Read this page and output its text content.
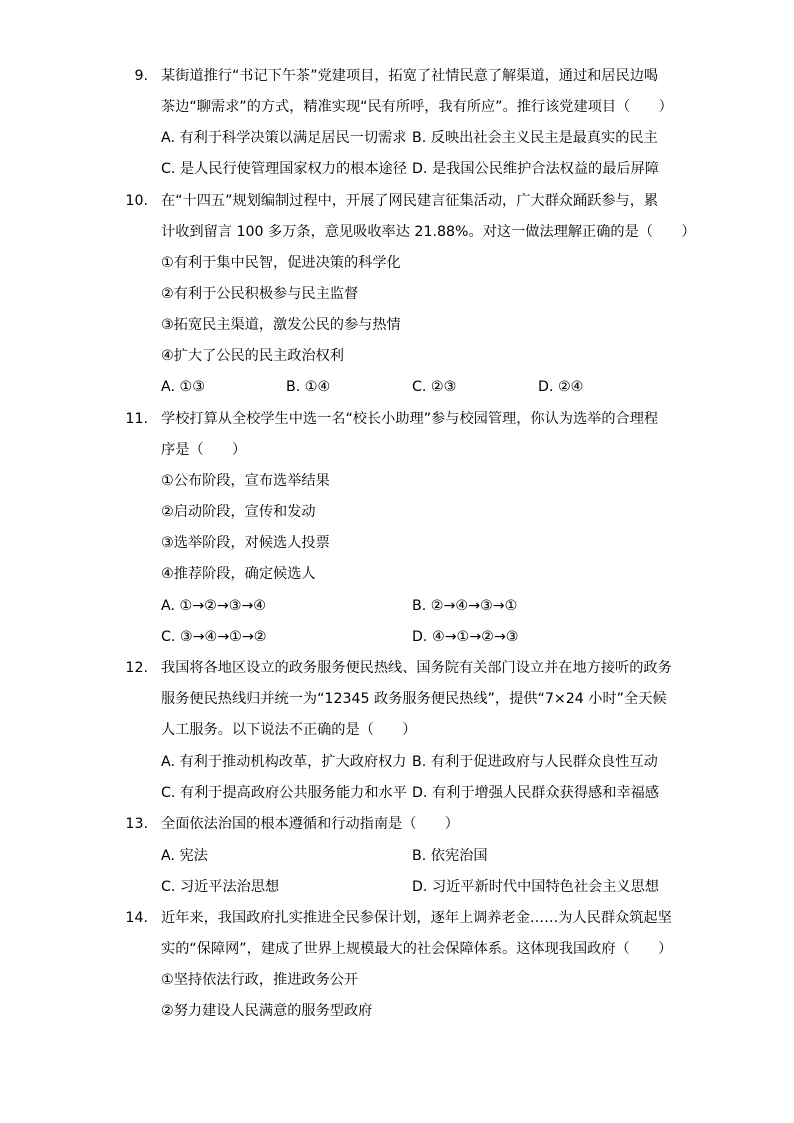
9. 某街道推行“书记下午茶”党建项目，拓宽了社情民意了解渠道，通过和居民边喝
茶边“聊需求”的方式，精准实现“民有所呼，我有所应”。推行该党建项目（　　）
A. 有利于科学决策以满足居民一切需求 B. 反映出社会主义民主是最真实的民主
C. 是人民行使管理国家权力的根本途径 D. 是我国公民维护合法权益的最后屏障
10. 在“十四五”规划编制过程中，开展了网民建言征集活动，广大群众踊跃参与，累
计收到留言 100 多万条，意见吸收率达 21.88%。对这一做法理解正确的是（　　）
①有利于集中民智，促进决策的科学化
②有利于公民积极参与民主监督
③拓宽民主渠道，激发公民的参与热情
④扩大了公民的民主政治权利
A. ①③	B. ①④	C. ②③	D. ②④
11. 学校打算从全校学生中选一名“校长小助理”参与校园管理，你认为选举的合理程
序是（　　）
①公布阶段，宣布选举结果
②启动阶段，宣传和发动
③选举阶段，对候选人投票
④推荐阶段，确定候选人
A. ①→②→③→④	B. ②→④→③→①
C. ③→④→①→②	D. ④→①→②→③
12. 我国将各地区设立的政务服务便民热线、国务院有关部门设立并在地方接听的政务
服务便民热线归并统一为“12345 政务服务便民热线”，提供“7×24 小时”全天候
人工服务。以下说法不正确的是（　　）
A. 有利于推动机构改革，扩大政府权力 B. 有利于促进政府与人民群众良性互动
C. 有利于提高政府公共服务能力和水平 D. 有利于增强人民群众获得感和幸福感
13. 全面依法治国的根本遵循和行动指南是（　　）
A. 宪法	B. 依宪治国
C. 习近平法治思想	D. 习近平新时代中国特色社会主义思想
14. 近年来，我国政府扎实推进全民参保计划，逐年上调养老金……为人民群众筑起坚
实的“保障网”，建成了世界上规模最大的社会保障体系。这体现我国政府（　　）
①坚持依法行政，推进政务公开
②努力建设人民满意的服务型政府
